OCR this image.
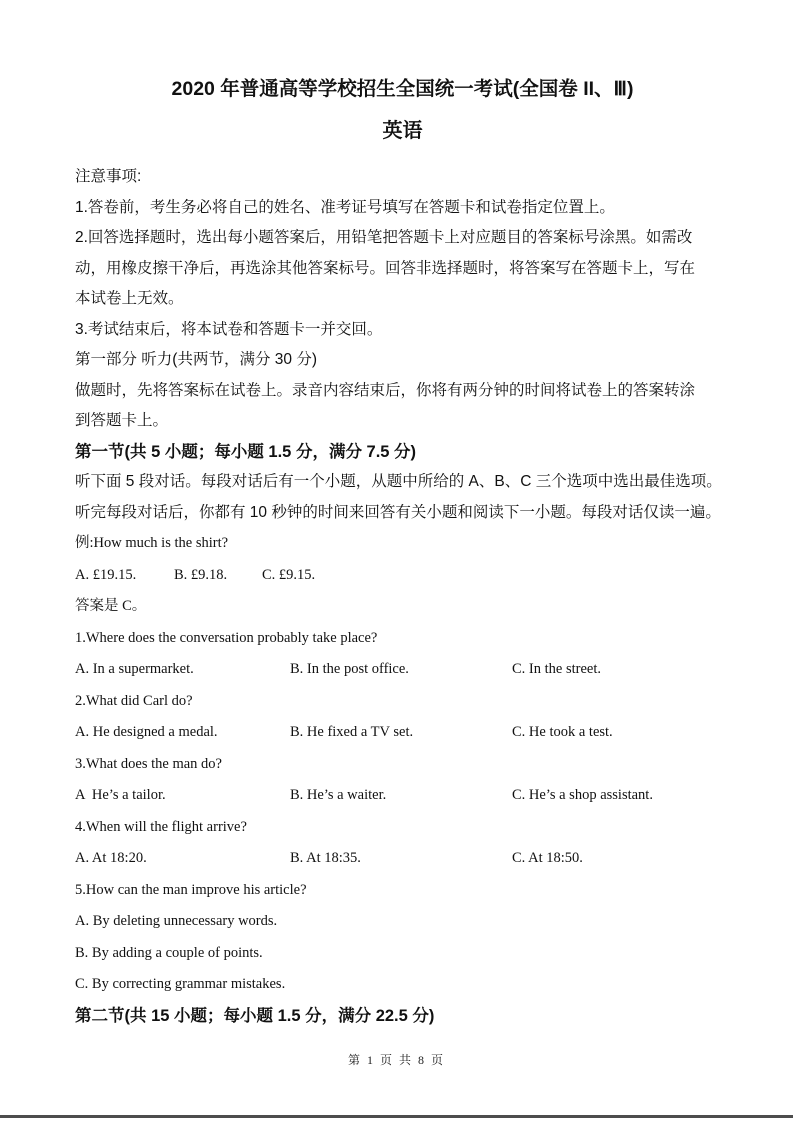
2020 年普通高等学校招生全国统一考试(全国卷 II、Ⅲ)
英语
注意事项:
1.答卷前，考生务必将自己的姓名、准考证号填写在答题卡和试卷指定位置上。
2.回答选择题时，选出每小题答案后，用铅笔把答题卡上对应题目的答案标号涂黑。如需改
动，用橡皮擦干净后，再选涂其他答案标号。回答非选择题时，将答案写在答题卡上，写在
本试卷上无效。
3.考试结束后，将本试卷和答题卡一并交回。
第一部分 听力(共两节，满分 30 分)
做题时，先将答案标在试卷上。录音内容结束后，你将有两分钟的时间将试卷上的答案转涂
到答题卡上。
第一节(共 5 小题；每小题 1.5 分，满分 7.5 分)
听下面 5 段对话。每段对话后有一个小题，从题中所给的 A、B、C 三个选项中选出最佳选项。
听完每段对话后，你都有 10 秒钟的时间来回答有关小题和阅读下一小题。每段对话仅读一遍。
例:How much is the shirt?
A. £19.15.	B. £9.18.	C. £9.15.
答案是 C。
1.Where does the conversation probably take place?
A. In a supermarket.	B. In the post office.	C. In the street.
2.What did Carl do?
A. He designed a medal.	B. He fixed a TV set.	C. He took a test.
3.What does the man do?
A  He’s a tailor.	B. He’s a waiter.	C. He’s a shop assistant.
4.When will the flight arrive?
A. At 18:20.	B. At 18:35.	C. At 18:50.
5.How can the man improve his article?
A. By deleting unnecessary words.
B. By adding a couple of points.
C. By correcting grammar mistakes.
第二节(共 15 小题；每小题 1.5 分，满分 22.5 分)
第 1 页 共 8 页
